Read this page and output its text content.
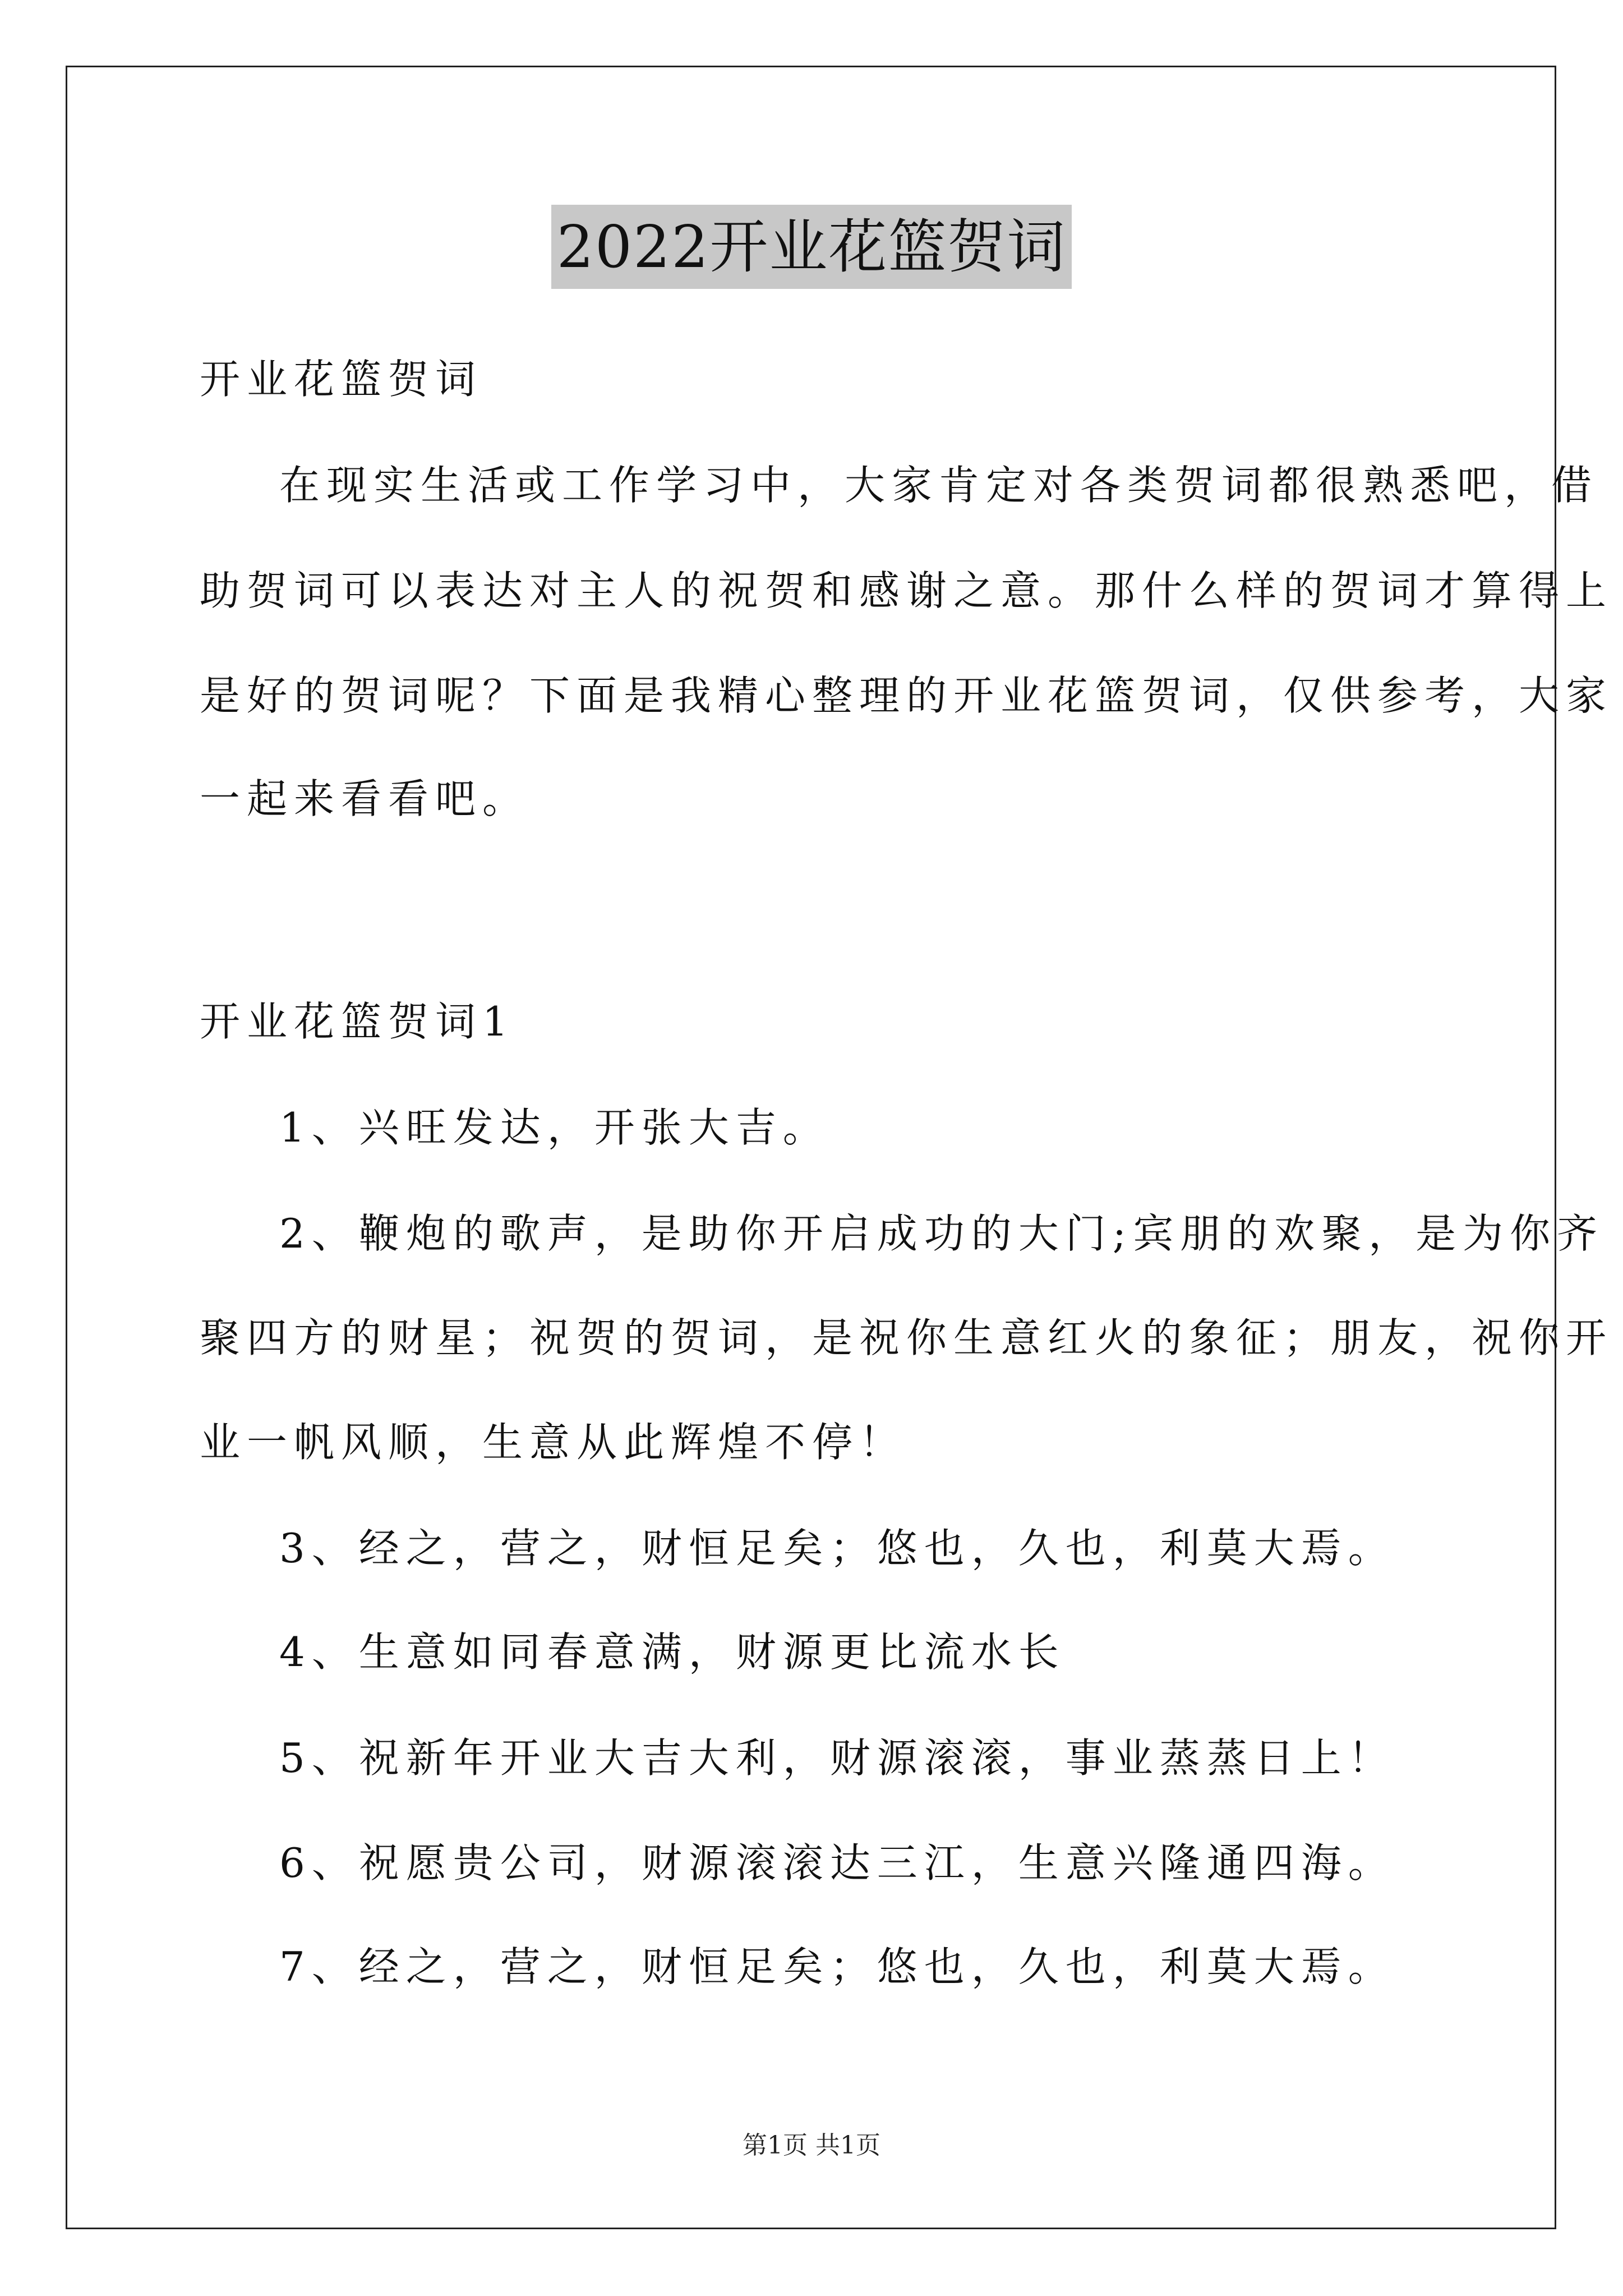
2022开业花篮贺词
开业花篮贺词
在现实生活或工作学习中，大家肯定对各类贺词都很熟悉吧，借
助贺词可以表达对主人的祝贺和感谢之意。那什么样的贺词才算得上
是好的贺词呢？下面是我精心整理的开业花篮贺词，仅供参考，大家
一起来看看吧。
开业花篮贺词1
1、兴旺发达，开张大吉。
2、鞭炮的歌声，是助你开启成功的大门;宾朋的欢聚，是为你齐
聚四方的财星；祝贺的贺词，是祝你生意红火的象征；朋友，祝你开
业一帆风顺，生意从此辉煌不停！
3、经之，营之，财恒足矣；悠也，久也，利莫大焉。
4、生意如同春意满，财源更比流水长
5、祝新年开业大吉大利，财源滚滚，事业蒸蒸日上！
6、祝愿贵公司，财源滚滚达三江，生意兴隆通四海。
7、经之，营之，财恒足矣；悠也，久也，利莫大焉。
第1页 共1页
